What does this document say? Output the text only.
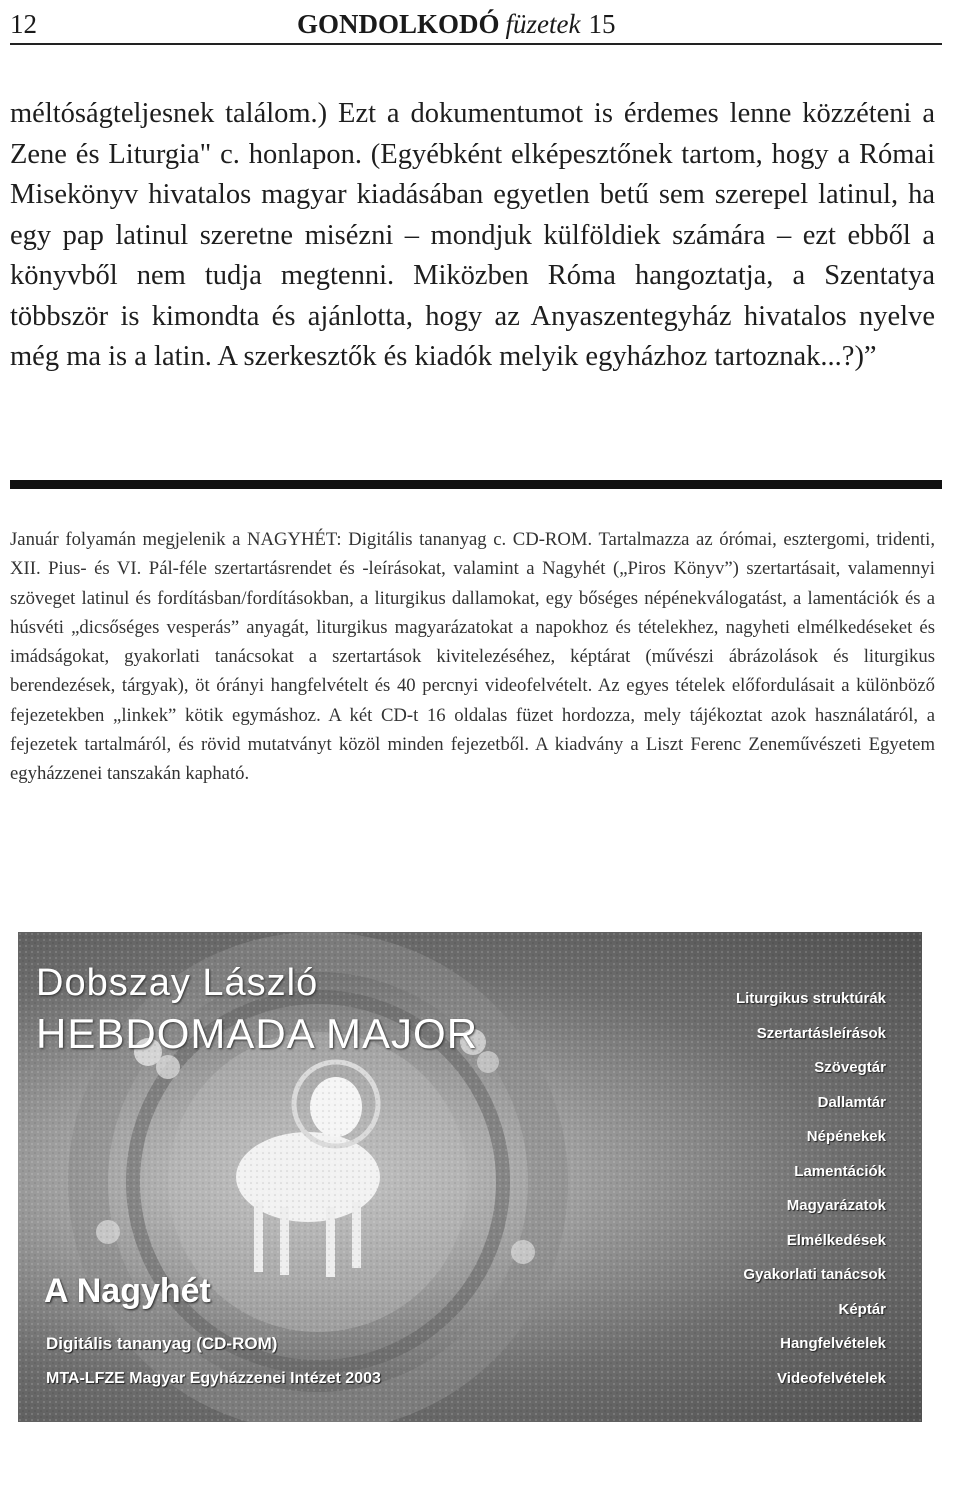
12	GONDOLKODÓ füzetek 15

méltóságteljesnek találom.) Ezt a dokumentumot is érdemes lenne közzéteni a Zene és Liturgia" c. honlapon. (Egyébként elképesztőnek tartom, hogy a Római Misekönyv hivatalos magyar kiadásában egyetlen betű sem szerepel latinul, ha egy pap latinul szeretne misézni – mondjuk külföldiek számára – ezt ebből a könyvből nem tudja megtenni. Miközben Róma hangoztatja, a Szentatya többször is kimondta és ajánlotta, hogy az Anyaszentegyház hivatalos nyelve még ma is a latin. A szerkesztők és kiadók melyik egyházhoz tartoznak...?)”

Január folyamán megjelenik a NAGYHÉT: Digitális tananyag c. CD-ROM. Tartalmazza az órómai, esztergomi, tridenti, XII. Pius- és VI. Pál-féle szertartásrendet és -leírásokat, valamint a Nagyhét („Piros Könyv”) szertartásait, valamennyi szöveget latinul és fordításban/fordításokban, a liturgikus dallamokat, egy bőséges népénekválogatást, a lamentációk és a húsvéti „dicsőséges vesperás” anyagát, liturgikus magyarázatokat a napokhoz és tételekhez, nagyheti elmélkedéseket és imádságokat, gyakorlati tanácsokat a szertartások kivitelezéséhez, képtárat (művészi ábrázolások és liturgikus berendezések, tárgyak), öt órányi hangfelvételt és 40 percnyi videofelvételt. Az egyes tételek előfordulásait a különböző fejezetekben „linkek” kötik egymáshoz. A két CD-t 16 oldalas füzet hordozza, mely tájékoztat azok használatáról, a fejezetek tartalmáról, és rövid mutatványt közöl minden fejezetből. A kiadvány a Liszt Ferenc Zeneművészeti Egyetem egyházzenei tanszakán kapható.

Dobszay László
HEBDOMADA MAJOR
A Nagyhét
Digitális tananyag (CD-ROM)
MTA-LFZE Magyar Egyházzenei Intézet 2003
Liturgikus struktúrák
Szertartásleírások
Szövegtár
Dallamtár
Népénekek
Lamentációk
Magyarázatok
Elmélkedések
Gyakorlati tanácsok
Képtár
Hangfelvételek
Videofelvételek
